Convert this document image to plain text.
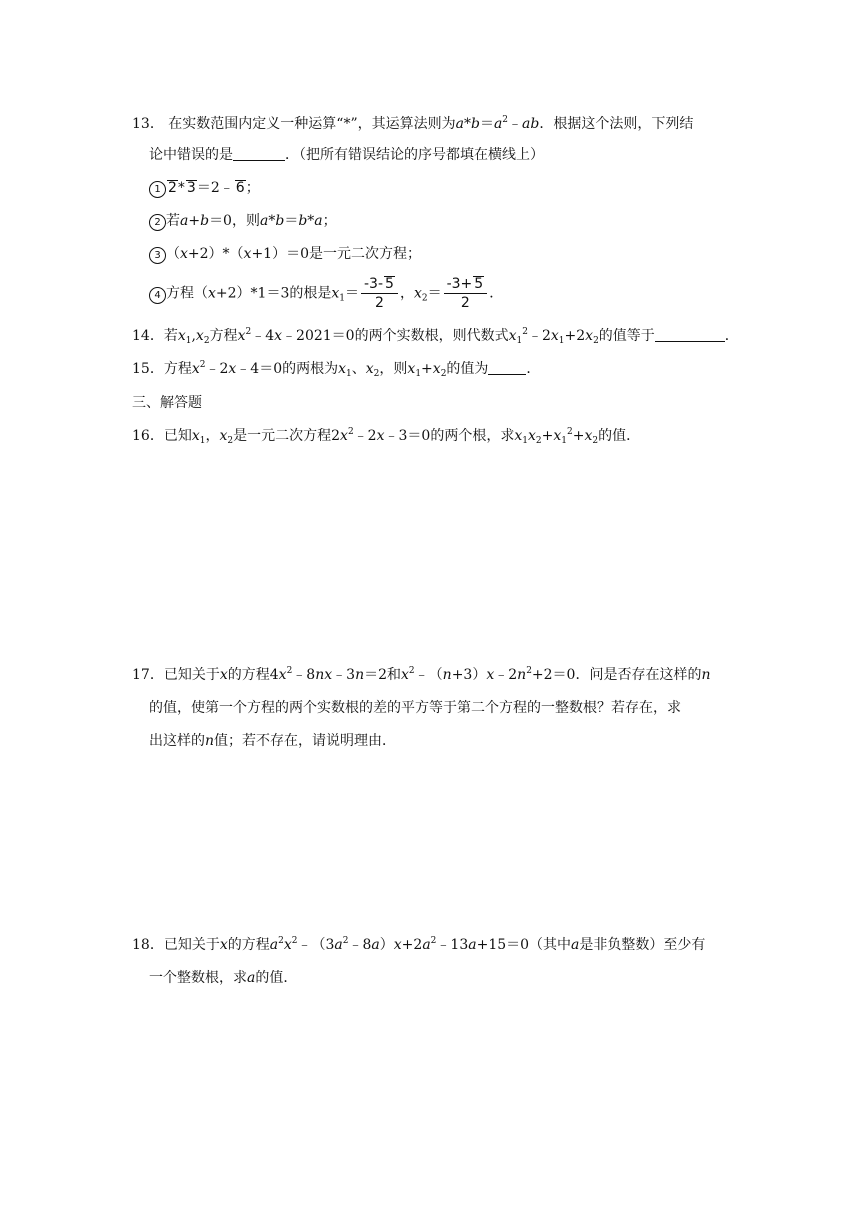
13． 在实数范围内定义一种运算“*”，其运算法则为$a*b=a^2﹣ab$．根据这个法则，下列结
论中错误的是	．（把所有错误结论的序号都填在横线上）
1 2* 3＝2﹣ 6；
2 若a+b＝0，则a*b＝b*a；
3 （x+2）*（x+1）＝0是一元二次方程；
4 方程（x+2）*1＝3的根是$x_1= \frac{-3- 5}{2}$ ，$x_2= \frac{-3+ 5}{2}$ ．
14．若$x_1,x_2$方程$x^2﹣4x﹣2021=0$的两个实数根，则代数式$x_1^2﹣2x_1+2x_2$的值等于	．
15．方程$x^2﹣2x﹣4=0$的两根为$x_1$、$x_2$，则$x_1+x_2$的值为	．
三、解答题
16．已知$x_1$，$x_2$是一元二次方程$2x^2﹣2x﹣3=0$的两个根，求$x_1x_2+x_1^2+x_2$的值．
17．已知关于x的方程$4x^2﹣8nx﹣3n=2$和$x^2﹣(n+3)x﹣2n^2+2=0$．问是否存在这样的n
的值，使第一个方程的两个实数根的差的平方等于第二个方程的一整数根？若存在，求
出这样的n值；若不存在，请说明理由．
18．已知关于x的方程$a^2x^2﹣(3a^2﹣8a)x+2a^2﹣13a+15=0$（其中a是非负整数）至少有
一个整数根，求a的值．
